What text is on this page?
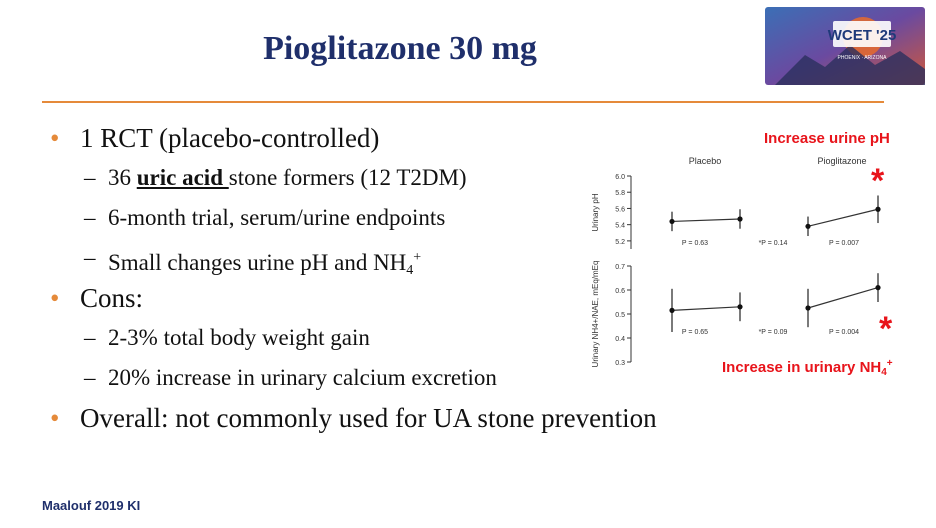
Pioglitazone 30 mg	WCET '25
PHOENIX · ARIZONA
• 1 RCT (placebo-controlled)
– 36 uric acid stone formers (12 T2DM)
– 6-month trial, serum/urine endpoints
– Small changes urine pH and $NH_4^+$
• Cons:
– 2-3% total body weight gain
– 20% increase in urinary calcium excretion
• Overall: not commonly used for UA stone prevention
Increase urine pH
*
*
Increase in urinary $NH_4^+$
Placebo	Pioglitazone
6.0
5.8
5.6
5.4
5.2
Urinary pH
P = 0.63	*P = 0.14	P = 0.007
0.7
0.6
0.5
0.4
0.3
Urinary NH4+/NAE, mEq/mEq	P = 0.65	*P = 0.09	P = 0.004
Maalouf 2019 KI
